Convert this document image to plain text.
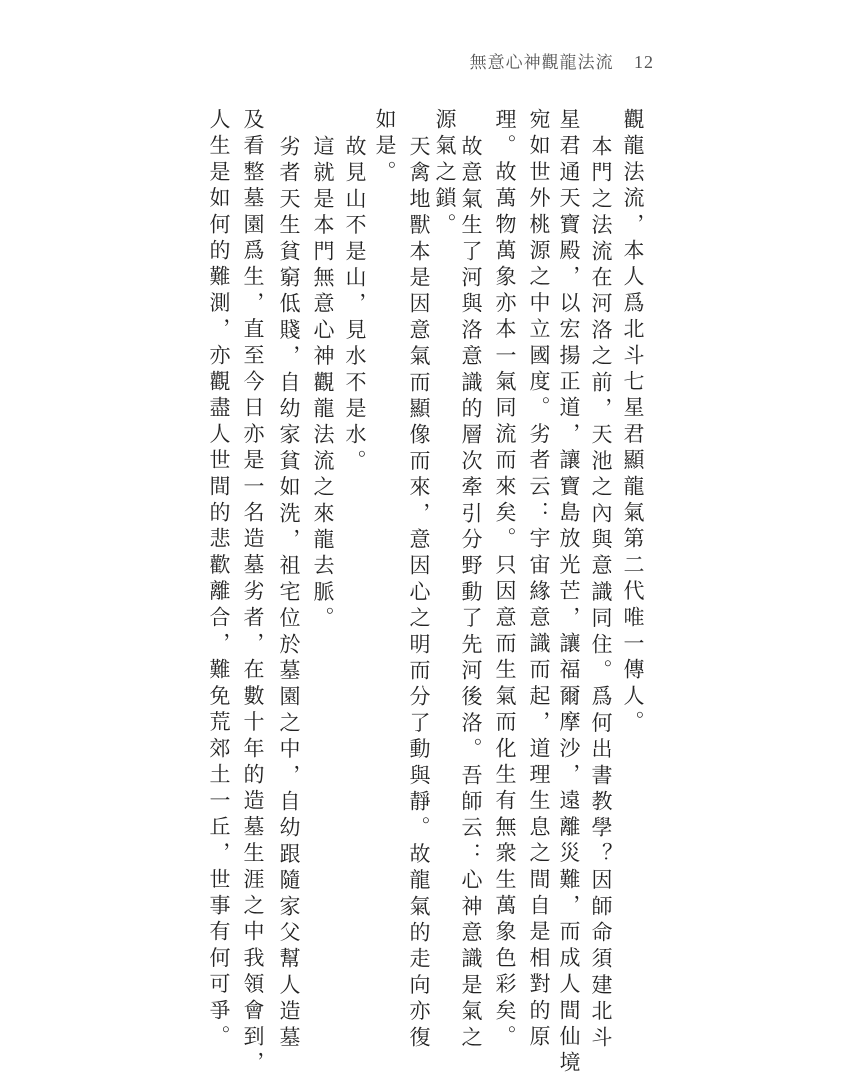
無意心神觀龍法流 12
觀龍法流，本人爲北斗七星君顯龍氣第二代唯一傳人。
本門之法流在河洛之前，天池之內與意識同住。爲何出書教學？因師命須建北斗
星君通天寶殿，以宏揚正道，讓寶島放光芒，讓福爾摩沙，遠離災難，而成人間仙境
宛如世外桃源之中立國度。劣者云：宇宙緣意識而起，道理生息之間自是相對的原
理。故萬物萬象亦本一氣同流而來矣。只因意而生氣而化生有無衆生萬象色彩矣。
故意氣生了河與洛意識的層次牽引分野動了先河後洛。吾師云：心神意識是氣之
源氣之鎖。
天禽地獸本是因意氣而顯像而來，意因心之明而分了動與靜。故龍氣的走向亦復
如是。
故見山不是山，見水不是水。
這就是本門無意心神觀龍法流之來龍去脈。
劣者天生貧窮低賤，自幼家貧如洗，祖宅位於墓園之中，自幼跟隨家父幫人造墓
及看整墓園爲生，直至今日亦是一名造墓劣者，在數十年的造墓生涯之中我領會到，
人生是如何的難測，亦觀盡人世間的悲歡離合，難免荒郊土一丘，世事有何可爭。
